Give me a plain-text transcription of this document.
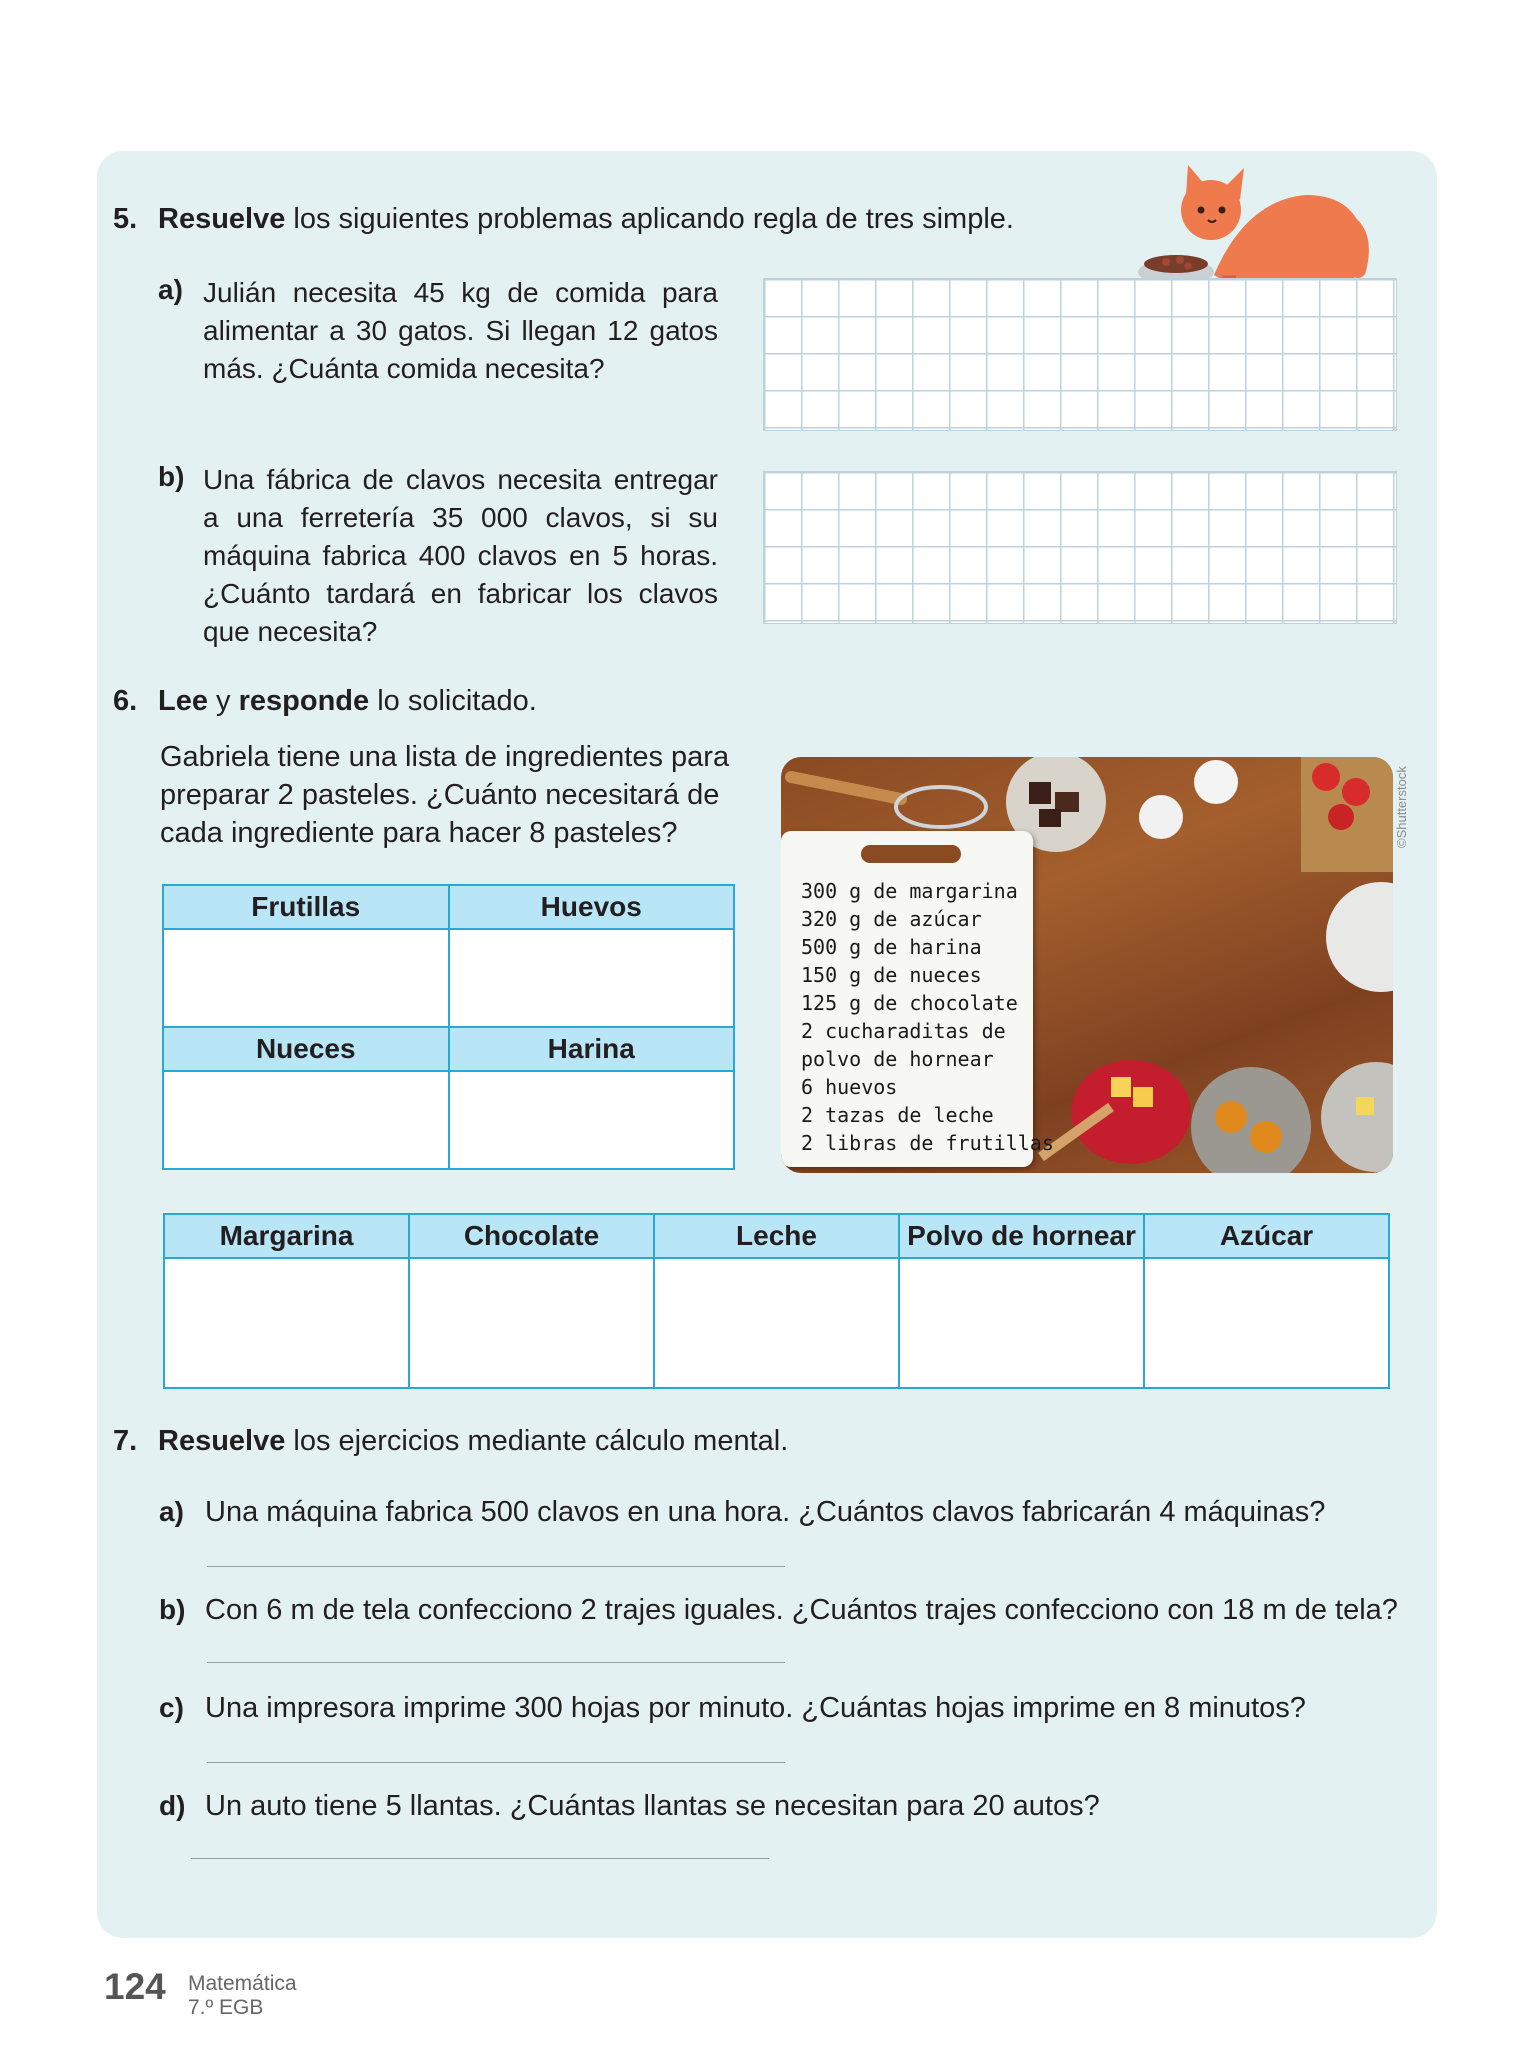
5. Resuelve los siguientes problemas aplicando regla de tres simple.
a) Julián necesita 45 kg de comida para alimentar a 30 gatos. Si llegan 12 gatos más. ¿Cuánta comida necesita?
b) Una fábrica de clavos necesita entregar a una ferretería 35 000 clavos, si su máquina fabrica 400 clavos en 5 horas. ¿Cuánto tardará en fabricar los clavos que necesita?
6. Lee y responde lo solicitado.
Gabriela tiene una lista de ingredientes para preparar 2 pasteles. ¿Cuánto necesitará de cada ingrediente para hacer 8 pasteles?
Frutillas	Huevos

Nueces	Harina

300 g de margarina
320 g de azúcar
500 g de harina
150 g de nueces
125 g de chocolate
2 cucharaditas de
polvo de hornear
6 huevos
2 tazas de leche
2 libras de frutillas
©Shutterstock
Margarina	Chocolate	Leche	Polvo de hornear	Azúcar

7. Resuelve los ejercicios mediante cálculo mental.
a) Una máquina fabrica 500 clavos en una hora. ¿Cuántos clavos fabricarán 4 máquinas?
b) Con 6 m de tela confecciono 2 trajes iguales. ¿Cuántos trajes confecciono con 18 m de tela?
c) Una impresora imprime 300 hojas por minuto. ¿Cuántas hojas imprime en 8 minutos?
d) Un auto tiene 5 llantas. ¿Cuántas llantas se necesitan para 20 autos?
124 Matemática
7.º EGB
